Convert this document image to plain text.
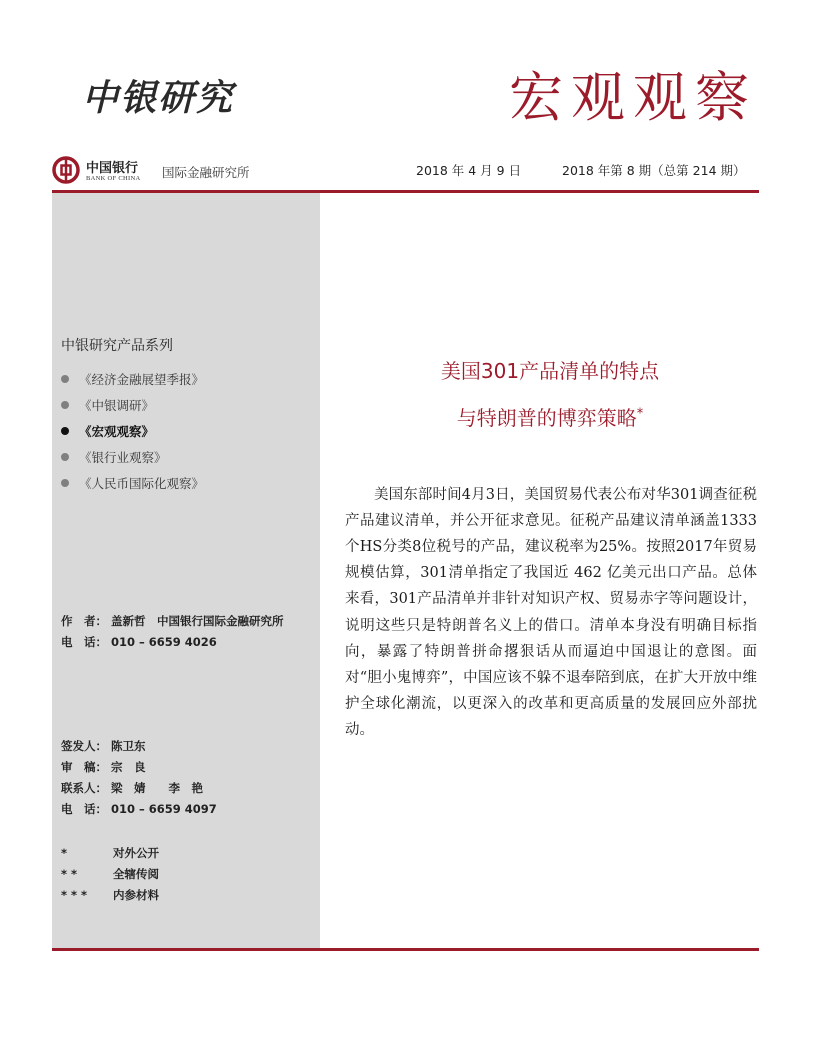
中银研究	宏观观察
中国银行
BANK OF CHINA 国际金融研究所	2018 年 4 月 9 日	2018 年第 8 期（总第 214 期）
中银研究产品系列
《经济金融展望季报》
《中银调研》
《宏观观察》
《银行业观察》
《人民币国际化观察》
作　者： 盖新哲　中国银行国际金融研究所
电　话： 010 – 6659 4026
签发人： 陈卫东
审　稿： 宗　良
联系人： 梁　婧　　李　艳
电　话： 010 – 6659 4097
*	对外公开
**	全辖传阅
*** 内参材料
美国301产品清单的特点
与特朗普的博弈策略*

美国东部时间4月3日，美国贸易代表公布对华301调查征税产品建议清单，并公开征求意见。征税产品建议清单涵盖1333个HS分类8位税号的产品，建议税率为25%。按照2017年贸易规模估算，301清单指定了我国近 462 亿美元出口产品。总体来看，301产品清单并非针对知识产权、贸易赤字等问题设计，说明这些只是特朗普名义上的借口。清单本身没有明确目标指向，暴露了特朗普拼命撂狠话从而逼迫中国退让的意图。面对“胆小鬼博弈”，中国应该不躲不退奉陪到底，在扩大开放中维护全球化潮流，以更深入的改革和更高质量的发展回应外部扰动。
